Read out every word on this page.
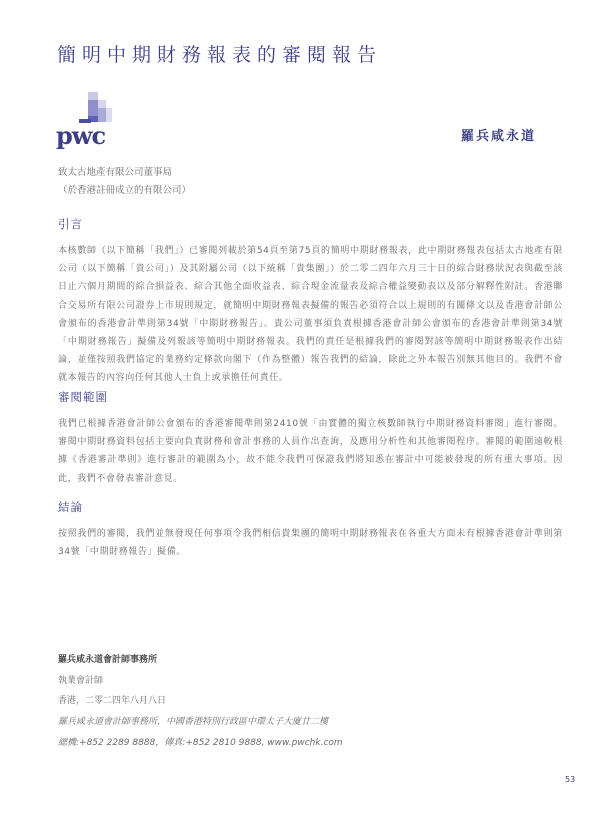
簡明中期財務報表的審閱報告
pwc	羅兵咸永道
致太古地產有限公司董事局
（於香港註冊成立的有限公司）
引言

本核數師（以下簡稱「我們」）已審閱列載於第54頁至第75頁的簡明中期財務報表，此中期財務報表包括太古地產有限公司（以下簡稱「貴公司」）及其附屬公司（以下統稱「貴集團」）於二零二四年六月三十日的綜合財務狀況表與截至該日止六個月期間的綜合損益表、綜合其他全面收益表、綜合現金流量表及綜合權益變動表以及部分解釋性附註。香港聯合交易所有限公司證券上市規則規定，就簡明中期財務報表擬備的報告必須符合以上規則的有關條文以及香港會計師公會頒布的香港會計準則第34號「中期財務報告」。貴公司董事須負責根據香港會計師公會頒布的香港會計準則第34號「中期財務報告」擬備及列報該等簡明中期財務報表。我們的責任是根據我們的審閱對該等簡明中期財務報表作出結論，並僅按照我們協定的業務約定條款向閣下（作為整體）報告我們的結論，除此之外本報告別無其他目的。我們不會就本報告的內容向任何其他人士負上或承擔任何責任。

審閱範圍

我們已根據香港會計師公會頒布的香港審閱準則第2410號「由實體的獨立核數師執行中期財務資料審閱」進行審閱。審閱中期財務資料包括主要向負責財務和會計事務的人員作出查詢，及應用分析性和其他審閱程序。審閱的範圍遠較根據《香港審計準則》進行審計的範圍為小，故不能令我們可保證我們將知悉在審計中可能被發現的所有重大事項。因此，我們不會發表審計意見。

結論

按照我們的審閱，我們並無發現任何事項令我們相信貴集團的簡明中期財務報表在各重大方面未有根據香港會計準則第34號「中期財務報告」擬備。

羅兵咸永道會計師事務所
執業會計師
香港，二零二四年八月八日
羅兵咸永道會計師事務所，中國香港特別行政區中環太子大廈廿二樓
總機:+852 2289 8888，傳真:+852 2810 9888, www.pwchk.com
53
